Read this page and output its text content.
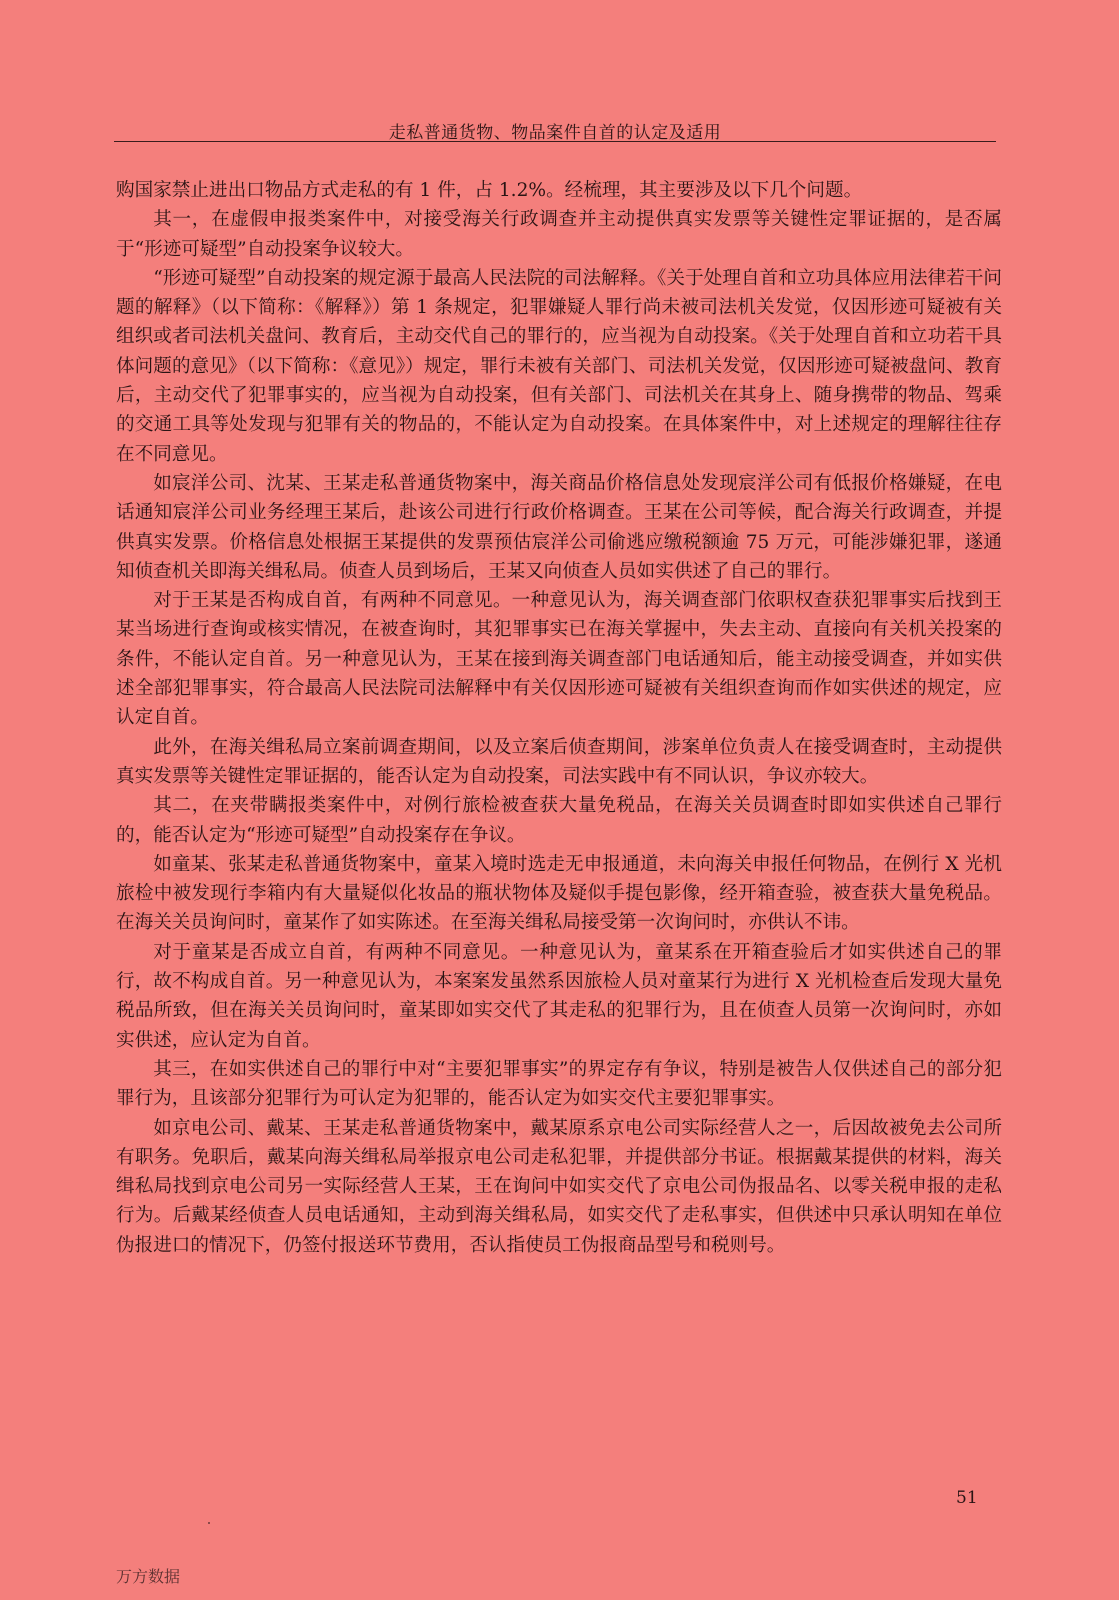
走私普通货物、物品案件自首的认定及适用

购国家禁止进出口物品方式走私的有 1 件，占 1.2%。经梳理，其主要涉及以下几个问题。

其一，在虚假申报类案件中，对接受海关行政调查并主动提供真实发票等关键性定罪证据的，是否属于“形迹可疑型”自动投案争议较大。

“形迹可疑型”自动投案的规定源于最高人民法院的司法解释。《关于处理自首和立功具体应用法律若干问题的解释》（以下简称：《解释》）第 1 条规定，犯罪嫌疑人罪行尚未被司法机关发觉，仅因形迹可疑被有关组织或者司法机关盘问、教育后，主动交代自己的罪行的，应当视为自动投案。《关于处理自首和立功若干具体问题的意见》（以下简称：《意见》）规定，罪行未被有关部门、司法机关发觉，仅因形迹可疑被盘问、教育后，主动交代了犯罪事实的，应当视为自动投案，但有关部门、司法机关在其身上、随身携带的物品、驾乘的交通工具等处发现与犯罪有关的物品的，不能认定为自动投案。在具体案件中，对上述规定的理解往往存在不同意见。

如宸洋公司、沈某、王某走私普通货物案中，海关商品价格信息处发现宸洋公司有低报价格嫌疑，在电话通知宸洋公司业务经理王某后，赴该公司进行行政价格调查。王某在公司等候，配合海关行政调查，并提供真实发票。价格信息处根据王某提供的发票预估宸洋公司偷逃应缴税额逾 75 万元，可能涉嫌犯罪，遂通知侦查机关即海关缉私局。侦查人员到场后，王某又向侦查人员如实供述了自己的罪行。

对于王某是否构成自首，有两种不同意见。一种意见认为，海关调查部门依职权查获犯罪事实后找到王某当场进行查询或核实情况，在被查询时，其犯罪事实已在海关掌握中，失去主动、直接向有关机关投案的条件，不能认定自首。另一种意见认为，王某在接到海关调查部门电话通知后，能主动接受调查，并如实供述全部犯罪事实，符合最高人民法院司法解释中有关仅因形迹可疑被有关组织查询而作如实供述的规定，应认定自首。

此外，在海关缉私局立案前调查期间，以及立案后侦查期间，涉案单位负责人在接受调查时，主动提供真实发票等关键性定罪证据的，能否认定为自动投案，司法实践中有不同认识，争议亦较大。

其二，在夹带瞒报类案件中，对例行旅检被查获大量免税品，在海关关员调查时即如实供述自己罪行的，能否认定为“形迹可疑型”自动投案存在争议。

如童某、张某走私普通货物案中，童某入境时选走无申报通道，未向海关申报任何物品，在例行 X 光机旅检中被发现行李箱内有大量疑似化妆品的瓶状物体及疑似手提包影像，经开箱查验，被查获大量免税品。在海关关员询问时，童某作了如实陈述。在至海关缉私局接受第一次询问时，亦供认不讳。

对于童某是否成立自首，有两种不同意见。一种意见认为，童某系在开箱查验后才如实供述自己的罪行，故不构成自首。另一种意见认为，本案案发虽然系因旅检人员对童某行为进行 X 光机检查后发现大量免税品所致，但在海关关员询问时，童某即如实交代了其走私的犯罪行为，且在侦查人员第一次询问时，亦如实供述，应认定为自首。

其三，在如实供述自己的罪行中对“主要犯罪事实”的界定存有争议，特别是被告人仅供述自己的部分犯罪行为，且该部分犯罪行为可认定为犯罪的，能否认定为如实交代主要犯罪事实。

如京电公司、戴某、王某走私普通货物案中，戴某原系京电公司实际经营人之一，后因故被免去公司所有职务。免职后，戴某向海关缉私局举报京电公司走私犯罪，并提供部分书证。根据戴某提供的材料，海关缉私局找到京电公司另一实际经营人王某，王在询问中如实交代了京电公司伪报品名、以零关税申报的走私行为。后戴某经侦查人员电话通知，主动到海关缉私局，如实交代了走私事实，但供述中只承认明知在单位伪报进口的情况下，仍签付报送环节费用，否认指使员工伪报商品型号和税则号。

51
万方数据
